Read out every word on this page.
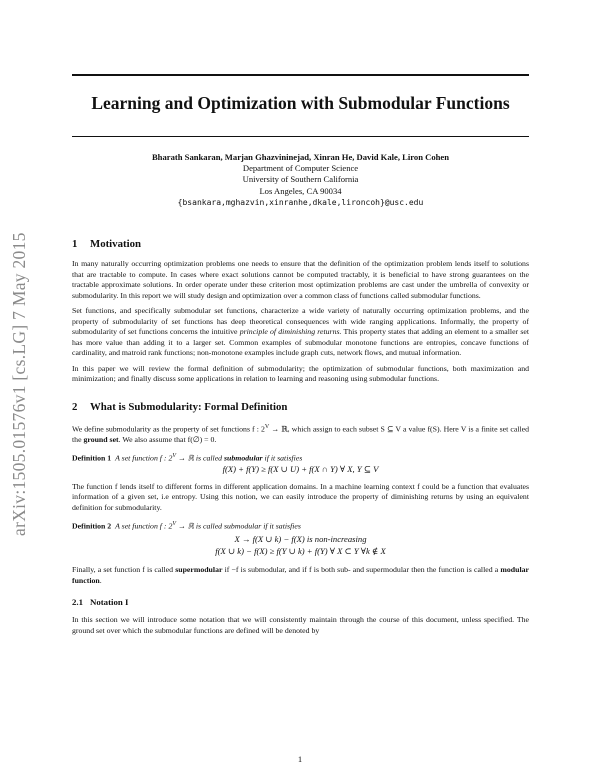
arXiv:1505.01576v1 [cs.LG] 7 May 2015
Learning and Optimization with Submodular Functions
Bharath Sankaran, Marjan Ghazvininejad, Xinran He, David Kale, Liron Cohen
Department of Computer Science
University of Southern California
Los Angeles, CA 90034
{bsankara,mghazvin,xinranhe,dkale,lironcoh}@usc.edu
1 Motivation

In many naturally occurring optimization problems one needs to ensure that the definition of the optimization problem lends itself to solutions that are tractable to compute. In cases where exact solutions cannot be computed tractably, it is beneficial to have strong guarantees on the tractable approximate solutions. In order operate under these criterion most optimization problems are cast under the umbrella of convexity or submodularity. In this report we will study design and optimization over a common class of functions called submodular functions.

Set functions, and specifically submodular set functions, characterize a wide variety of naturally occurring optimization problems, and the property of submodularity of set functions has deep theoretical consequences with wide ranging applications. Informally, the property of submodularity of set functions concerns the intuitive principle of diminishing returns. This property states that adding an element to a smaller set has more value than adding it to a larger set. Common examples of submodular monotone functions are entropies, concave functions of cardinality, and matroid rank functions; non-monotone examples include graph cuts, network flows, and mutual information.

In this paper we will review the formal definition of submodularity; the optimization of submodular functions, both maximization and minimization; and finally discuss some applications in relation to learning and reasoning using submodular functions.

2 What is Submodularity: Formal Definition

We define submodularity as the property of set functions f : $2^V$ → ℝ, which assign to each subset S ⊆ V a value f(S). Here V is a finite set called the ground set. We also assume that f(∅) = 0.

Definition 1 A set function f : $2^V$ → ℝ is called submodular if it satisfies
f(X) + f(Y) ≥ f(X ∪ U) + f(X ∩ Y) ∀ X, Y ⊆ V

The function f lends itself to different forms in different application domains. In a machine learning context f could be a function that evaluates information of a given set, i.e entropy. Using this notion, we can easily introduce the property of diminishing returns by using an equivalent definition for submodularity.

Definition 2 A set function f : $2^V$ → ℝ is called submodular if it satisfies
X → f(X ∪ k) − f(X) is non-increasing
f(X ∪ k) − f(X) ≥ f(Y ∪ k) + f(Y) ∀ X ⊂ Y ∀k ∉ X

Finally, a set function f is called supermodular if −f is submodular, and if f is both sub- and supermodular then the function is called a modular function.

2.1 Notation I

In this section we will introduce some notation that we will consistently maintain through the course of this document, unless specified. The ground set over which the submodular functions are defined will be denoted by

1
